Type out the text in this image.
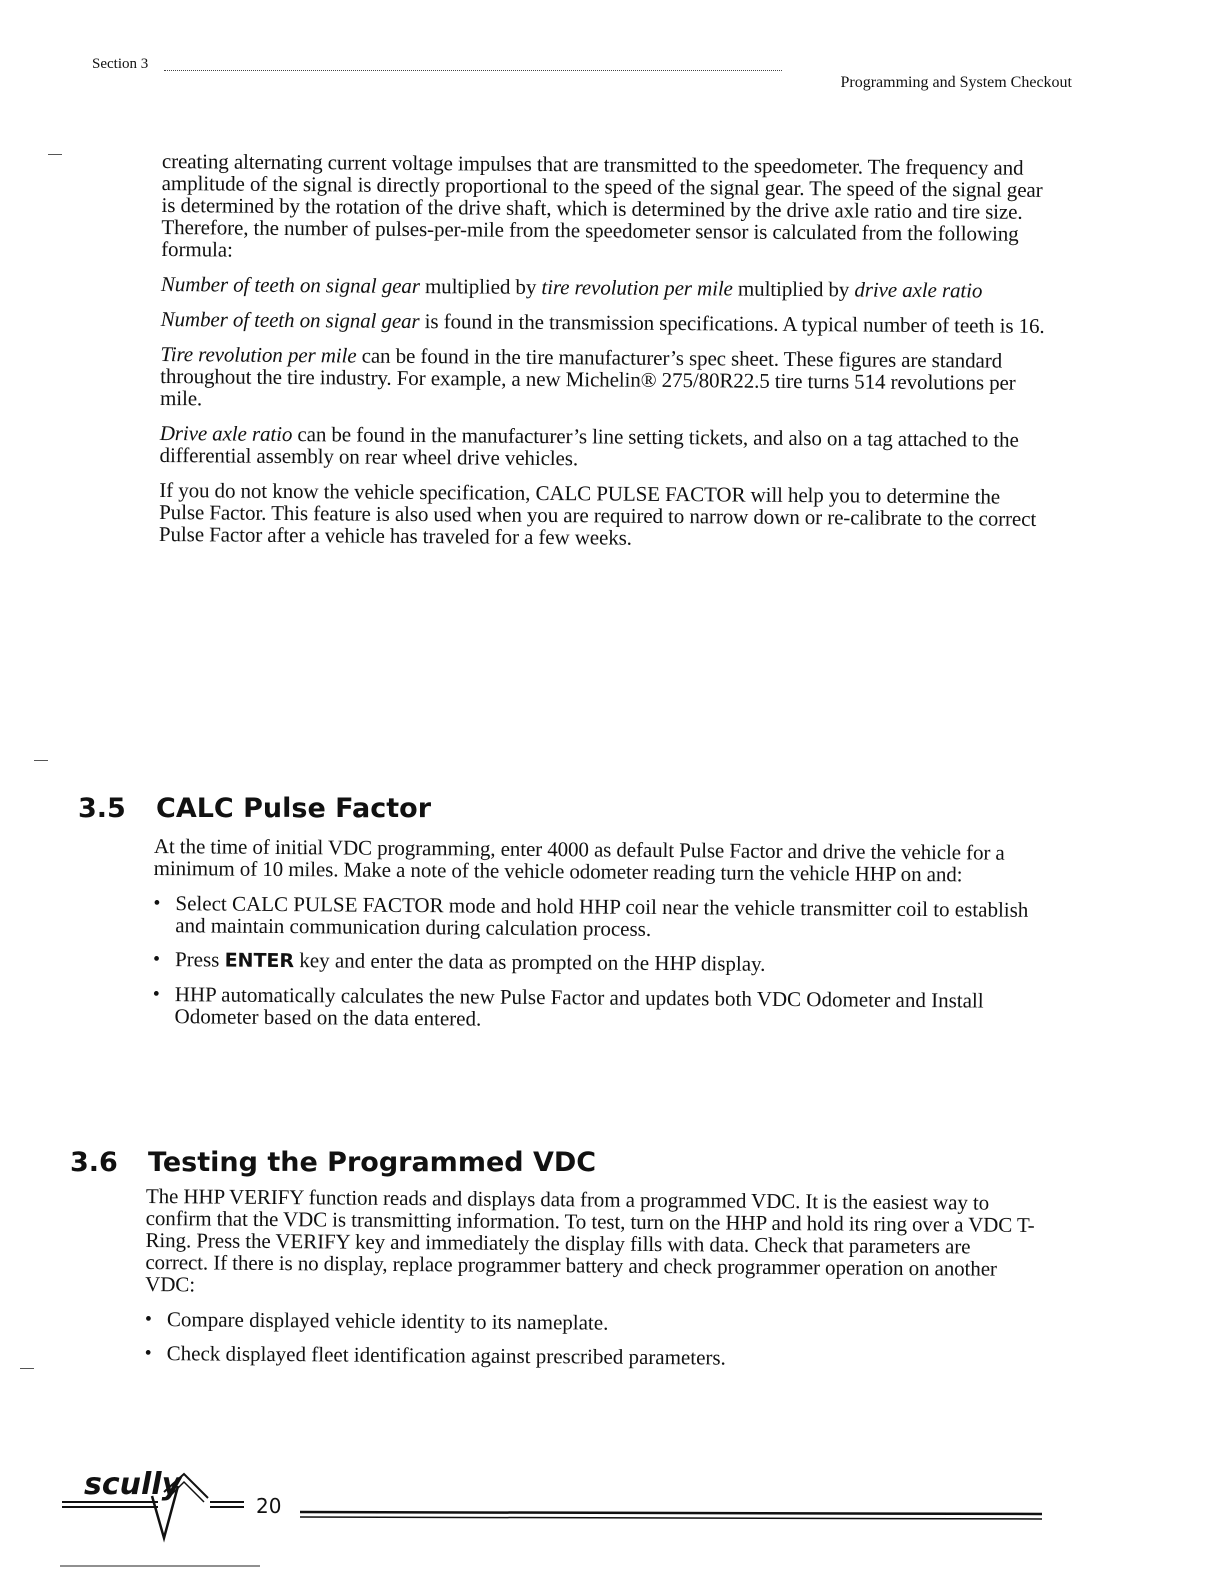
Section 3
Programming and System Checkout

creating alternating current voltage impulses that are transmitted to the speedometer. The frequency and amplitude of the signal is directly proportional to the speed of the signal gear. The speed of the signal gear is determined by the rotation of the drive shaft, which is determined by the drive axle ratio and tire size. Therefore, the number of pulses-per-mile from the speedometer sensor is calculated from the following formula:

Number of teeth on signal gear multiplied by tire revolution per mile multiplied by drive axle ratio

Number of teeth on signal gear is found in the transmission specifications. A typical number of teeth is 16.

Tire revolution per mile can be found in the tire manufacturer’s spec sheet. These figures are standard throughout the tire industry. For example, a new Michelin® 275/80R22.5 tire turns 514 revolutions per mile.

Drive axle ratio can be found in the manufacturer’s line setting tickets, and also on a tag attached to the differential assembly on rear wheel drive vehicles.

If you do not know the vehicle specification, CALC PULSE FACTOR will help you to determine the Pulse Factor. This feature is also used when you are required to narrow down or re-calibrate to the correct Pulse Factor after a vehicle has traveled for a few weeks.

3.5 CALC Pulse Factor

At the time of initial VDC programming, enter 4000 as default Pulse Factor and drive the vehicle for a minimum of 10 miles. Make a note of the vehicle odometer reading turn the vehicle HHP on and:

• Select CALC PULSE FACTOR mode and hold HHP coil near the vehicle transmitter coil to establish and maintain communication during calculation process.
• Press ENTER key and enter the data as prompted on the HHP display.
• HHP automatically calculates the new Pulse Factor and updates both VDC Odometer and Install Odometer based on the data entered.
3.6 Testing the Programmed VDC

The HHP VERIFY function reads and displays data from a programmed VDC. It is the easiest way to confirm that the VDC is transmitting information. To test, turn on the HHP and hold its ring over a VDC T-Ring. Press the VERIFY key and immediately the display fills with data. Check that parameters are correct. If there is no display, replace programmer battery and check programmer operation on another VDC:

• Compare displayed vehicle identity to its nameplate.
• Check displayed fleet identification against prescribed parameters.
scully
20
